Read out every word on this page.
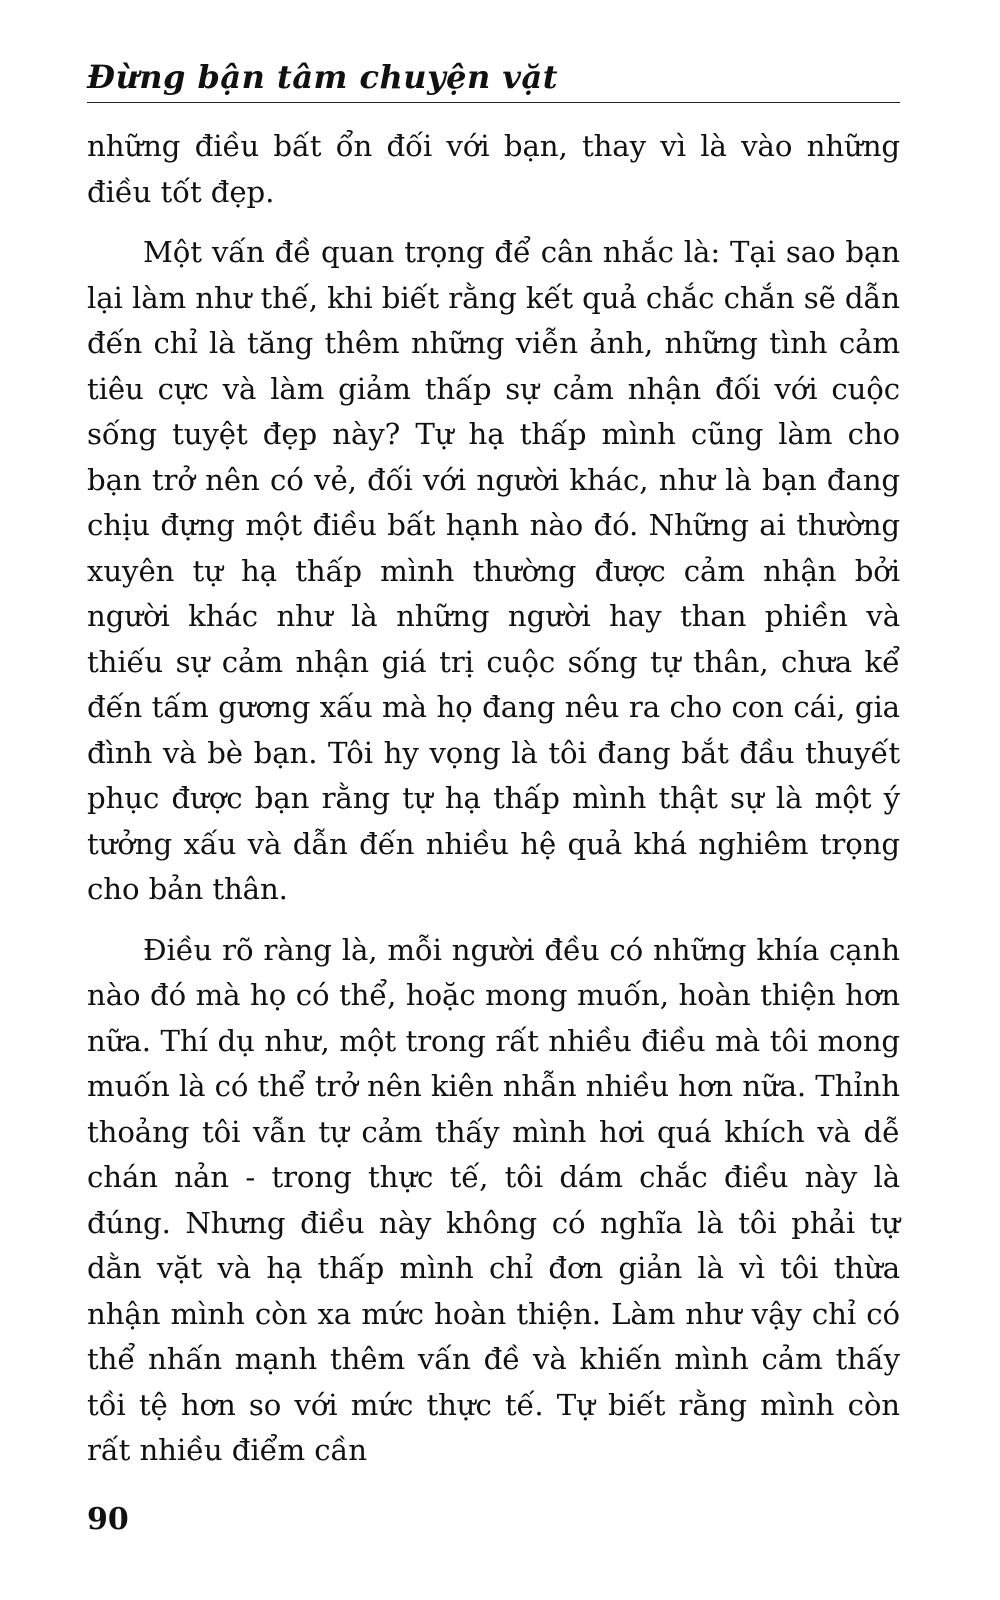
Đừng bận tâm chuyện vặt

những điều bất ổn đối với bạn, thay vì là vào những điều tốt đẹp.

Một vấn đề quan trọng để cân nhắc là: Tại sao bạn lại làm như thế, khi biết rằng kết quả chắc chắn sẽ dẫn đến chỉ là tăng thêm những viễn ảnh, những tình cảm tiêu cực và làm giảm thấp sự cảm nhận đối với cuộc sống tuyệt đẹp này? Tự hạ thấp mình cũng làm cho bạn trở nên có vẻ, đối với người khác, như là bạn đang chịu đựng một điều bất hạnh nào đó. Những ai thường xuyên tự hạ thấp mình thường được cảm nhận bởi người khác như là những người hay than phiền và thiếu sự cảm nhận giá trị cuộc sống tự thân, chưa kể đến tấm gương xấu mà họ đang nêu ra cho con cái, gia đình và bè bạn. Tôi hy vọng là tôi đang bắt đầu thuyết phục được bạn rằng tự hạ thấp mình thật sự là một ý tưởng xấu và dẫn đến nhiều hệ quả khá nghiêm trọng cho bản thân.

Điều rõ ràng là, mỗi người đều có những khía cạnh nào đó mà họ có thể, hoặc mong muốn, hoàn thiện hơn nữa. Thí dụ như, một trong rất nhiều điều mà tôi mong muốn là có thể trở nên kiên nhẫn nhiều hơn nữa. Thỉnh thoảng tôi vẫn tự cảm thấy mình hơi quá khích và dễ chán nản - trong thực tế, tôi dám chắc điều này là đúng. Nhưng điều này không có nghĩa là tôi phải tự dằn vặt và hạ thấp mình chỉ đơn giản là vì tôi thừa nhận mình còn xa mức hoàn thiện. Làm như vậy chỉ có thể nhấn mạnh thêm vấn đề và khiến mình cảm thấy tồi tệ hơn so với mức thực tế. Tự biết rằng mình còn rất nhiều điểm cần

90
